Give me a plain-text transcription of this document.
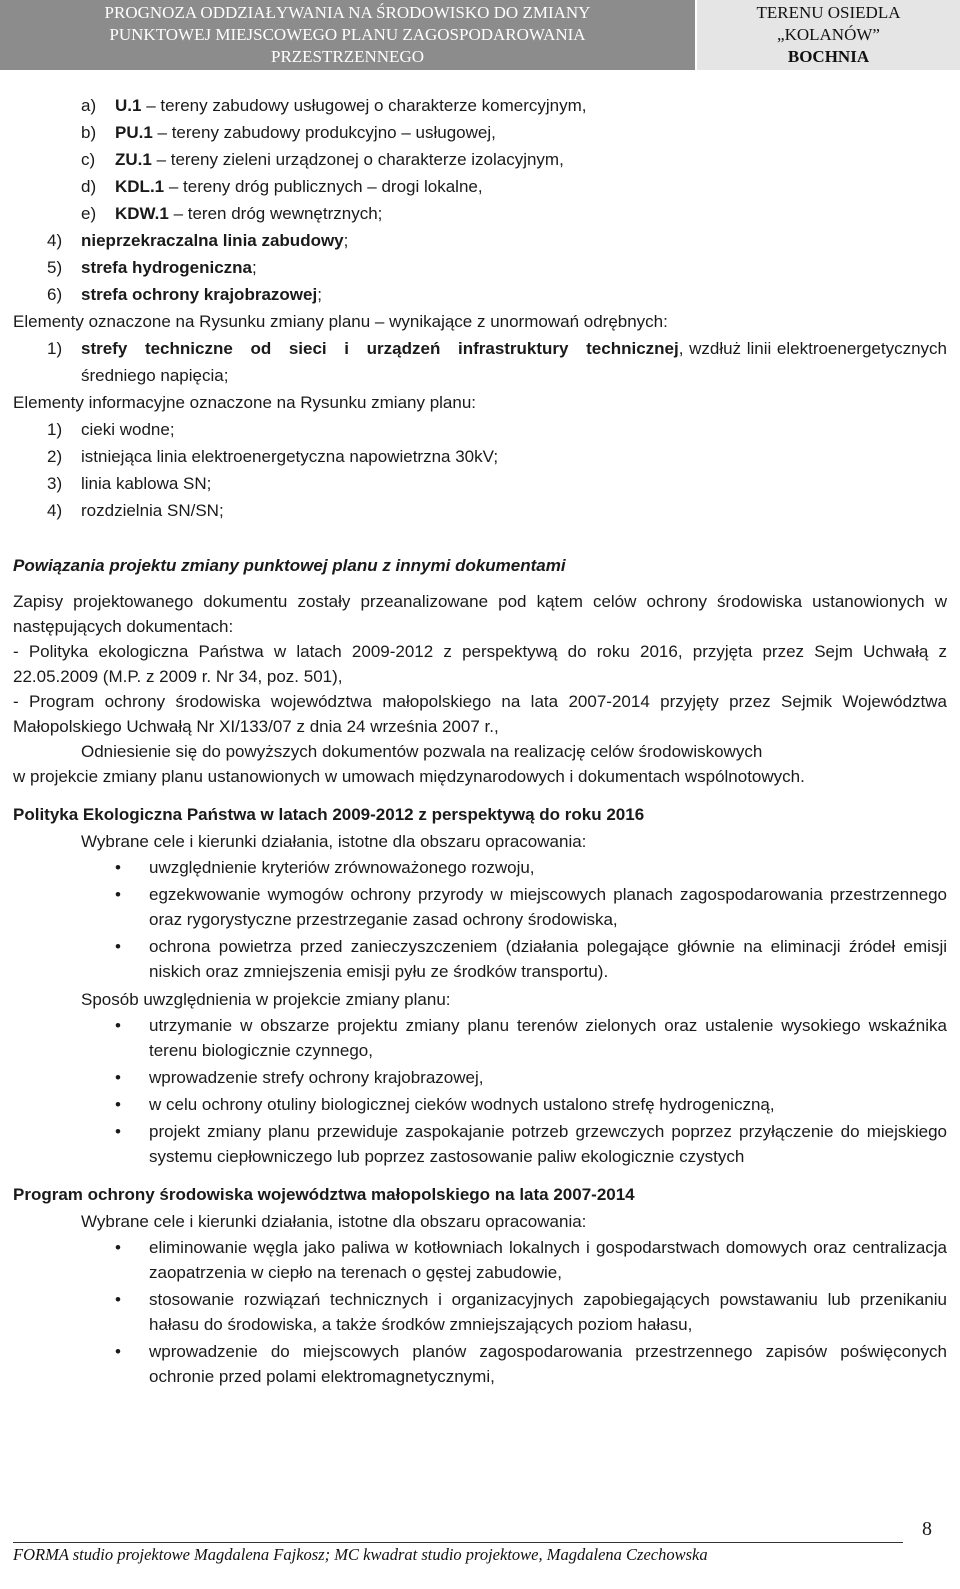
PROGNOZA ODDZIAŁYWANIA NA ŚRODOWISKO DO ZMIANY
PUNKTOWEJ MIEJSCOWEGO PLANU ZAGOSPODAROWANIA
PRZESTRZENNEGO
TERENU OSIEDLA
„KOLANÓW”
BOCHNIA
a) U.1 – tereny zabudowy usługowej o charakterze komercyjnym,
b) PU.1 – tereny zabudowy produkcyjno – usługowej,
c) ZU.1 – tereny zieleni urządzonej o charakterze izolacyjnym,
d) KDL.1 – tereny dróg publicznych – drogi lokalne,
e) KDW.1 – teren dróg wewnętrznych;
4) nieprzekraczalna linia zabudowy;
5) strefa hydrogeniczna;
6) strefa ochrony krajobrazowej;
Elementy oznaczone na Rysunku zmiany planu – wynikające z unormowań odrębnych:
1) strefy techniczne od sieci i urządzeń infrastruktury technicznej, wzdłuż linii elektroenergetycznych średniego napięcia;
Elementy informacyjne oznaczone na Rysunku zmiany planu:
1) cieki wodne;
2) istniejąca linia elektroenergetyczna napowietrzna 30kV;
3) linia kablowa SN;
4) rozdzielnia SN/SN;
Powiązania projektu zmiany punktowej planu z innymi dokumentami
Zapisy projektowanego dokumentu zostały przeanalizowane pod kątem celów ochrony środowiska ustanowionych w następujących dokumentach:
- Polityka ekologiczna Państwa w latach 2009-2012 z perspektywą do roku 2016, przyjęta przez Sejm Uchwałą z 22.05.2009 (M.P. z 2009 r. Nr 34, poz. 501),
- Program ochrony środowiska województwa małopolskiego na lata 2007-2014 przyjęty przez Sejmik Województwa Małopolskiego Uchwałą Nr XI/133/07 z dnia 24 września 2007 r.,
Odniesienie się do powyższych dokumentów pozwala na realizację celów środowiskowych
w projekcie zmiany planu ustanowionych w umowach międzynarodowych i dokumentach wspólnotowych.
Polityka Ekologiczna Państwa w latach 2009-2012 z perspektywą do roku 2016
Wybrane cele i kierunki działania, istotne dla obszaru opracowania:
• uwzględnienie kryteriów zrównoważonego rozwoju,
• egzekwowanie wymogów ochrony przyrody w miejscowych planach zagospodarowania przestrzennego oraz rygorystyczne przestrzeganie zasad ochrony środowiska,
• ochrona powietrza przed zanieczyszczeniem (działania polegające głównie na eliminacji źródeł emisji niskich oraz zmniejszenia emisji pyłu ze środków transportu).
Sposób uwzględnienia w projekcie zmiany planu:
• utrzymanie w obszarze projektu zmiany planu terenów zielonych oraz ustalenie wysokiego wskaźnika terenu biologicznie czynnego,
• wprowadzenie strefy ochrony krajobrazowej,
• w celu ochrony otuliny biologicznej cieków wodnych ustalono strefę hydrogeniczną,
• projekt zmiany planu przewiduje zaspokajanie potrzeb grzewczych poprzez przyłączenie do miejskiego systemu ciepłowniczego lub poprzez zastosowanie paliw ekologicznie czystych
Program ochrony środowiska województwa małopolskiego na lata 2007-2014
Wybrane cele i kierunki działania, istotne dla obszaru opracowania:
• eliminowanie węgla jako paliwa w kotłowniach lokalnych i gospodarstwach domowych oraz centralizacja zaopatrzenia w ciepło na terenach o gęstej zabudowie,
• stosowanie rozwiązań technicznych i organizacyjnych zapobiegających powstawaniu lub przenikaniu hałasu do środowiska, a także środków zmniejszających poziom hałasu,
• wprowadzenie do miejscowych planów zagospodarowania przestrzennego zapisów poświęconych ochronie przed polami elektromagnetycznymi,
8
FORMA studio projektowe Magdalena Fajkosz; MC kwadrat studio projektowe, Magdalena Czechowska
